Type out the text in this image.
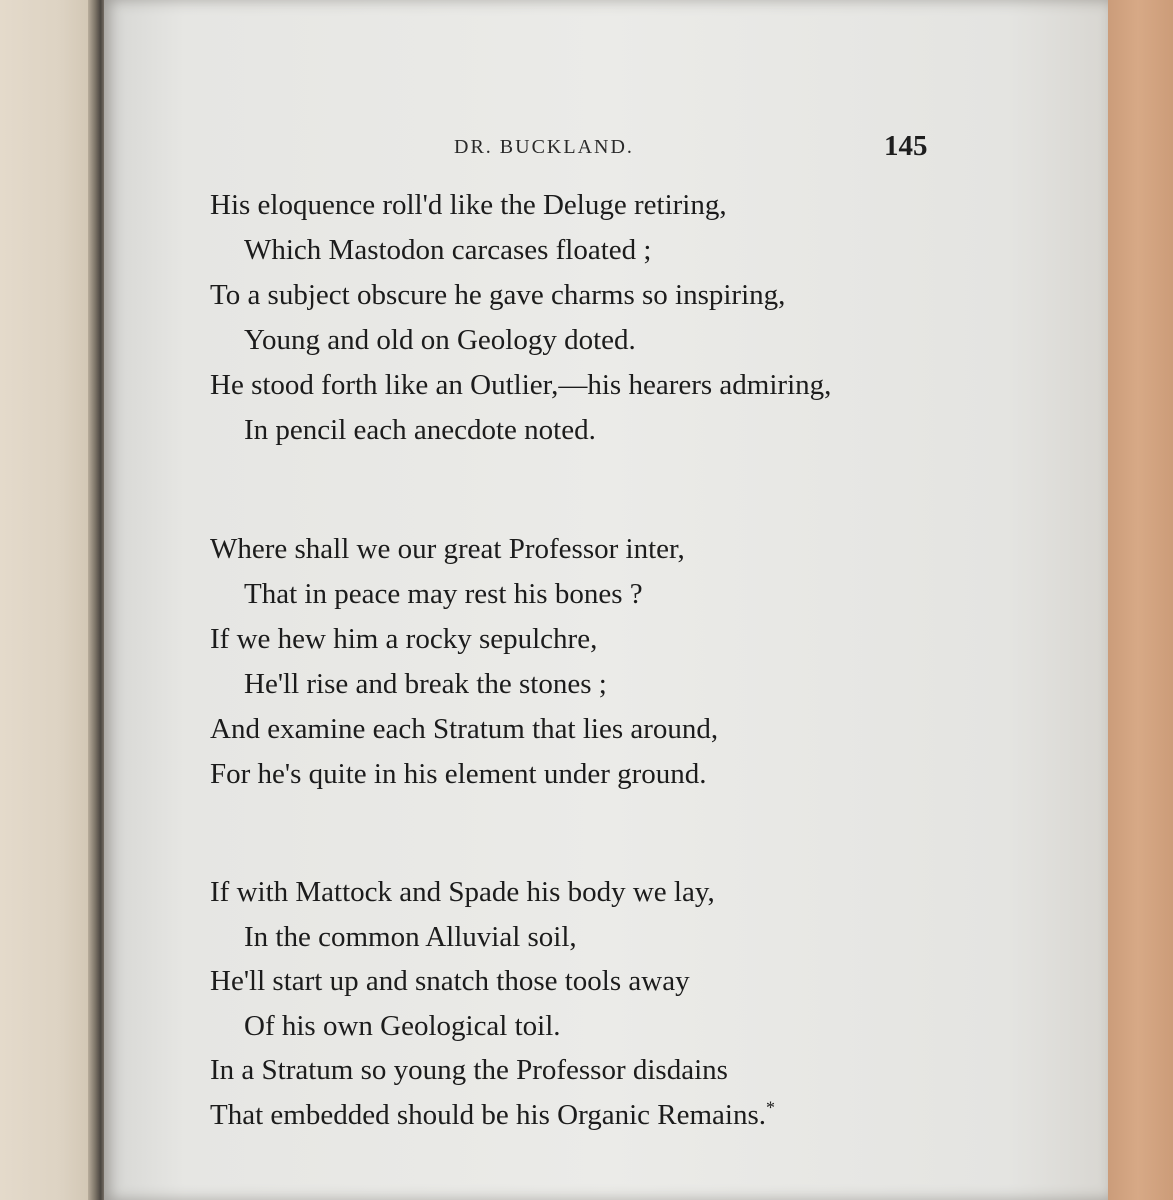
DR. BUCKLAND.	145
His eloquence roll'd like the Deluge retiring,
Which Mastodon carcases floated ;
To a subject obscure he gave charms so inspiring,
Young and old on Geology doted.
He stood forth like an Outlier,—his hearers admiring,
In pencil each anecdote noted.
Where shall we our great Professor inter,
That in peace may rest his bones ?
If we hew him a rocky sepulchre,
He'll rise and break the stones ;
And examine each Stratum that lies around,
For he's quite in his element under ground.
If with Mattock and Spade his body we lay,
In the common Alluvial soil,
He'll start up and snatch those tools away
Of his own Geological toil.
In a Stratum so young the Professor disdains
That embedded should be his Organic Remains.*
